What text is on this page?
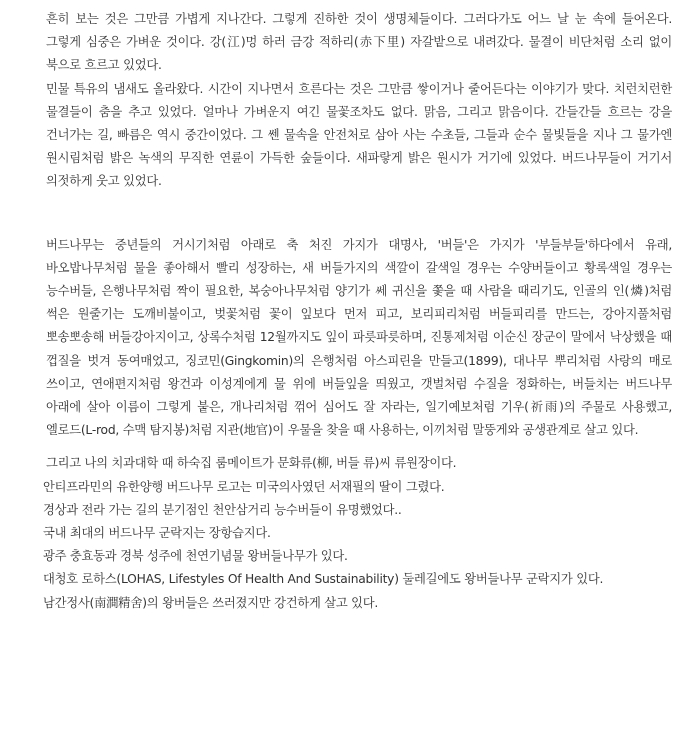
흔히 보는 것은 그만큼 가볍게 지나간다. 그렇게 진하한 것이 생명체들이다. 그러다가도 어느 날 눈 속에 들어온다. 그렇게 심중은 가벼운 것이다. 강(江)멍 하러 금강 적하리(赤下里) 자갈밭으로 내려갔다. 물결이 비단처럼 소리 없이 북으로 흐르고 있었다.

민물 특유의 냄새도 올라왔다. 시간이 지나면서 흐른다는 것은 그만큼 쌓이거나 줄어든다는 이야기가 맞다. 치런치런한 물결들이 춤을 추고 있었다. 얼마나 가벼운지 여긴 물꽃조차도 없다. 맑음, 그리고 맑음이다. 간들간들 흐르는 강을 건너가는 길, 빠름은 역시 중간이었다. 그 쎈 물속을 안전처로 삼아 사는 수초들, 그들과 순수 물빛들을 지나 그 물가엔 원시림처럼 밝은 녹색의 무직한 연륜이 가득한 숲들이다. 새파랗게 밝은 원시가 거기에 있었다. 버드나무들이 거기서 의젓하게 웃고 있었다.

버드나무는 중년들의 거시기처럼 아래로 축 처진 가지가 대명사, '버들'은 가지가 '부들부들'하다에서 유래, 바오밥나무처럼 물을 좋아해서 빨리 성장하는, 새 버들가지의 색깔이 갈색일 경우는 수양버들이고 황록색일 경우는 능수버들, 은행나무처럼 짝이 필요한, 복숭아나무처럼 양기가 쎄 귀신을 쫓을 때 사람을 때리기도, 인골의 인(燐)처럼 썩은 원줄기는 도깨비불이고, 벚꽃처럼 꽃이 잎보다 먼저 피고, 보리피리처럼 버들피리를 만드는, 강아지풀처럼 뽀송뽀송해 버들강아지이고, 상록수처럼 12월까지도 잎이 파릇파릇하며, 진통제처럼 이순신 장군이 말에서 낙상했을 때 껍질을 벗겨 동여매었고, 징코민(Gingkomin)의 은행처럼 아스피린을 만들고(1899), 대나무 뿌리처럼 사랑의 매로 쓰이고, 연애편지처럼 왕건과 이성계에게 물 위에 버들잎을 띄웠고, 갯벌처럼 수질을 정화하는, 버들치는 버드나무 아래에 살아 이름이 그렇게 붙은, 개나리처럼 꺾어 심어도 잘 자라는, 일기예보처럼 기우(祈雨)의 주물로 사용했고, 엘로드(L-rod, 수맥 탐지봉)처럼 지관(地官)이 우물을 찾을 때 사용하는, 이끼처럼 말뚱게와 공생관계로 살고 있다.

그리고 나의 치과대학 때 하숙집 룸메이트가 문화류(柳, 버들 류)씨 류원장이다.

안티프라민의 유한양행 버드나무 로고는 미국의사였던 서재필의 딸이 그렸다.

경상과 전라 가는 길의 분기점인 천안삼거리 능수버들이 유명했었다..

국내 최대의 버드나무 군락지는 장항습지다.

광주 충효동과 경북 성주에 천연기념물 왕버들나무가 있다.

대청호 로하스(LOHAS, Lifestyles Of Health And Sustainability) 둘레길에도 왕버들나무 군락지가 있다.

남간정사(南澗精舍)의 왕버들은 쓰러졌지만 강건하게 살고 있다.
